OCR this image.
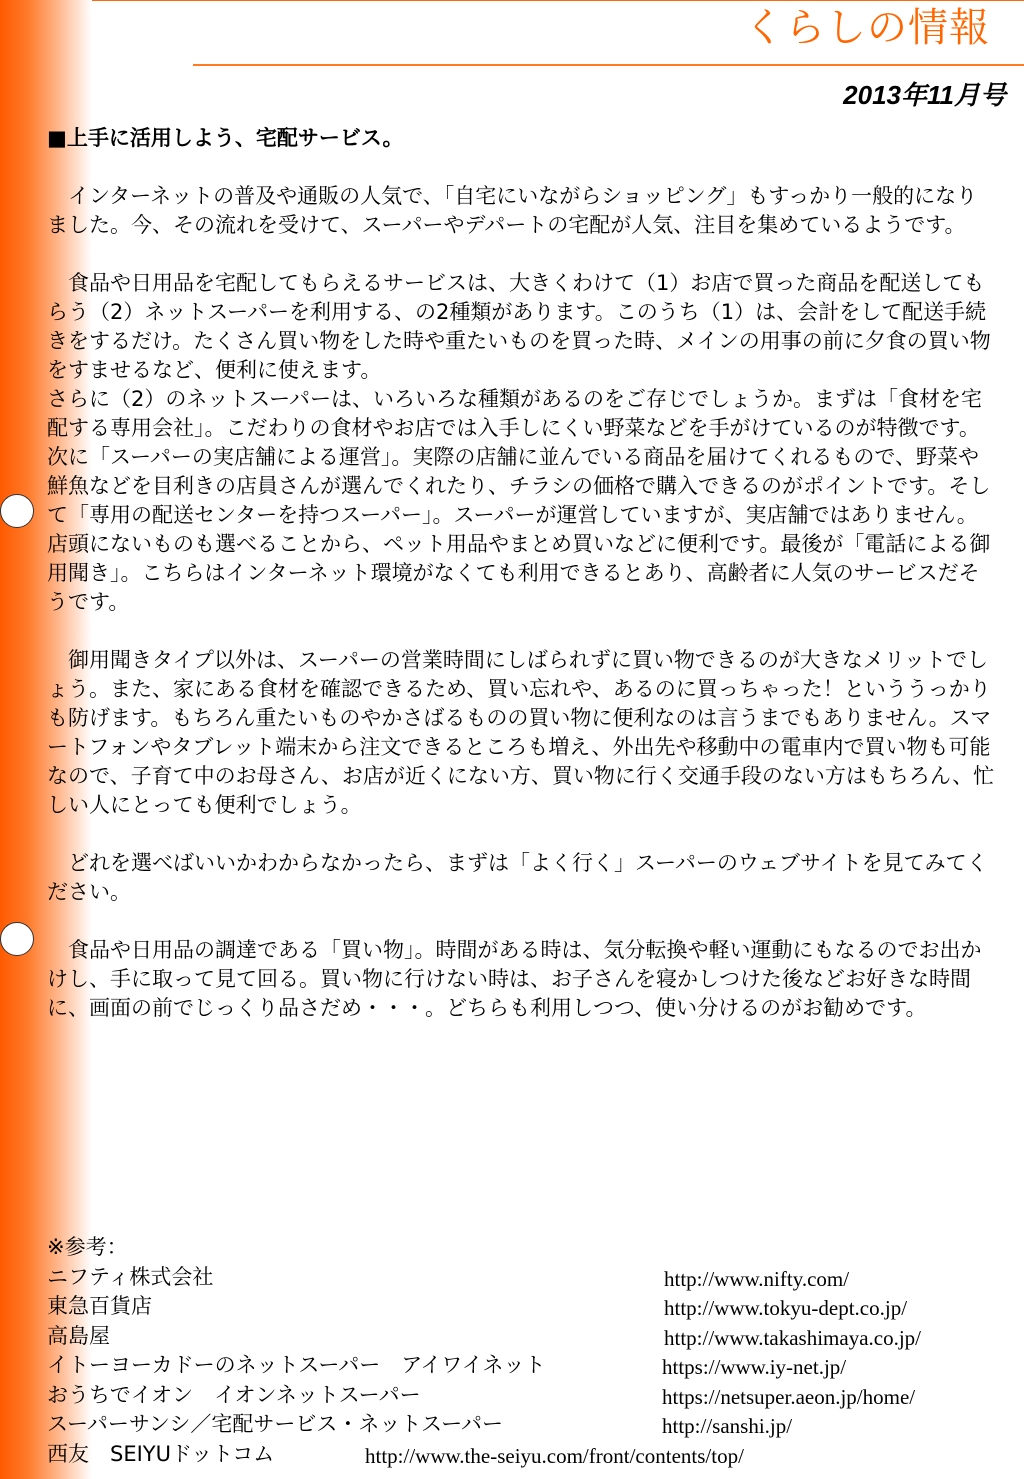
くらしの情報
2013年11月号
■上手に活用しよう、宅配サービス。

　インターネットの普及や通販の人気で、「自宅にいながらショッピング」もすっかり一般的になりました。今、その流れを受けて、スーパーやデパートの宅配が人気、注目を集めているようです。

　食品や日用品を宅配してもらえるサービスは、大きくわけて（1）お店で買った商品を配送してもらう（2）ネットスーパーを利用する、の2種類があります。このうち（1）は、会計をして配送手続きをするだけ。たくさん買い物をした時や重たいものを買った時、メインの用事の前に夕食の買い物をすませるなど、便利に使えます。

さらに（2）のネットスーパーは、いろいろな種類があるのをご存じでしょうか。まずは「食材を宅配する専用会社」。こだわりの食材やお店では入手しにくい野菜などを手がけているのが特徴です。次に「スーパーの実店舗による運営」。実際の店舗に並んでいる商品を届けてくれるもので、野菜や鮮魚などを目利きの店員さんが選んでくれたり、チラシの価格で購入できるのがポイントです。そして「専用の配送センターを持つスーパー」。スーパーが運営していますが、実店舗ではありません。店頭にないものも選べることから、ペット用品やまとめ買いなどに便利です。最後が「電話による御用聞き」。こちらはインターネット環境がなくても利用できるとあり、高齢者に人気のサービスだそうです。

　御用聞きタイプ以外は、スーパーの営業時間にしばられずに買い物できるのが大きなメリットでしょう。また、家にある食材を確認できるため、買い忘れや、あるのに買っちゃった！といううっかりも防げます。もちろん重たいものやかさばるものの買い物に便利なのは言うまでもありません。スマートフォンやタブレット端末から注文できるところも増え、外出先や移動中の電車内で買い物も可能なので、子育て中のお母さん、お店が近くにない方、買い物に行く交通手段のない方はもちろん、忙しい人にとっても便利でしょう。

　どれを選べばいいかわからなかったら、まずは「よく行く」スーパーのウェブサイトを見てみてください。

　食品や日用品の調達である「買い物」。時間がある時は、気分転換や軽い運動にもなるのでお出かけし、手に取って見て回る。買い物に行けない時は、お子さんを寝かしつけた後などお好きな時間に、画面の前でじっくり品さだめ・・・。どちらも利用しつつ、使い分けるのがお勧めです。

※参考：
ニフティ株式会社	http://www.nifty.com/
東急百貨店	http://www.tokyu-dept.co.jp/
高島屋	http://www.takashimaya.co.jp/
イトーヨーカドーのネットスーパー　アイワイネット	https://www.iy-net.jp/
おうちでイオン　イオンネットスーパー	https://netsuper.aeon.jp/home/
スーパーサンシ／宅配サービス・ネットスーパー	http://sanshi.jp/
西友　SEIYUドットコム	http://www.the-seiyu.com/front/contents/top/
